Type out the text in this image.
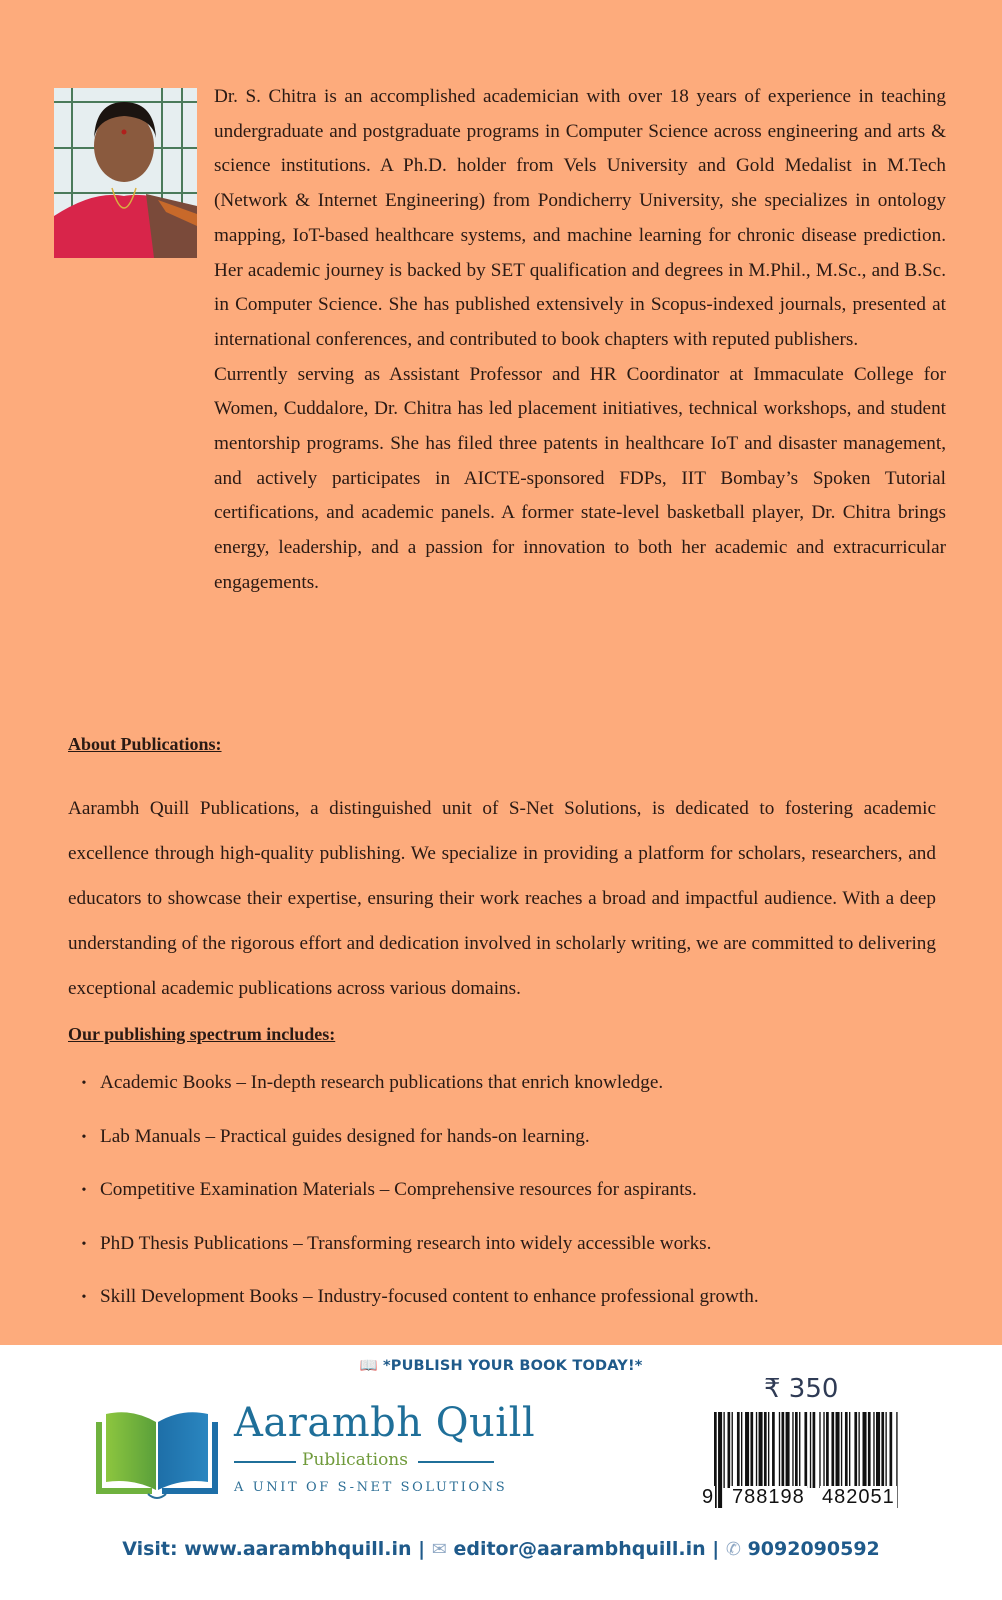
Dr. S. Chitra is an accomplished academician with over 18 years of experience in teaching undergraduate and postgraduate programs in Computer Science across engineering and arts & science institutions. A Ph.D. holder from Vels University and Gold Medalist in M.Tech (Network & Internet Engineering) from Pondicherry University, she specializes in ontology mapping, IoT-based healthcare systems, and machine learning for chronic disease prediction. Her academic journey is backed by SET qualification and degrees in M.Phil., M.Sc., and B.Sc. in Computer Science. She has published extensively in Scopus-indexed journals, presented at international conferences, and contributed to book chapters with reputed publishers.

Currently serving as Assistant Professor and HR Coordinator at Immaculate College for Women, Cuddalore, Dr. Chitra has led placement initiatives, technical workshops, and student mentorship programs. She has filed three patents in healthcare IoT and disaster management, and actively participates in AICTE-sponsored FDPs, IIT Bombay’s Spoken Tutorial certifications, and academic panels. A former state-level basketball player, Dr. Chitra brings energy, leadership, and a passion for innovation to both her academic and extracurricular engagements.

About Publications:

Aarambh Quill Publications, a distinguished unit of S-Net Solutions, is dedicated to fostering academic excellence through high-quality publishing. We specialize in providing a platform for scholars, researchers, and educators to showcase their expertise, ensuring their work reaches a broad and impactful audience. With a deep understanding of the rigorous effort and dedication involved in scholarly writing, we are committed to delivering exceptional academic publications across various domains.

Our publishing spectrum includes:
• Academic Books – In-depth research publications that enrich knowledge.
• Lab Manuals – Practical guides designed for hands-on learning.
• Competitive Examination Materials – Comprehensive resources for aspirants.
• PhD Thesis Publications – Transforming research into widely accessible works.
• Skill Development Books – Industry-focused content to enhance professional growth.
📖 *PUBLISH YOUR BOOK TODAY!*
Aarambh Quill
Publications
A UNIT OF S-NET SOLUTIONS
₹ 350
9 788198 482051
Visit: www.aarambhquill.in | ✉ editor@aarambhquill.in | ✆ 9092090592
